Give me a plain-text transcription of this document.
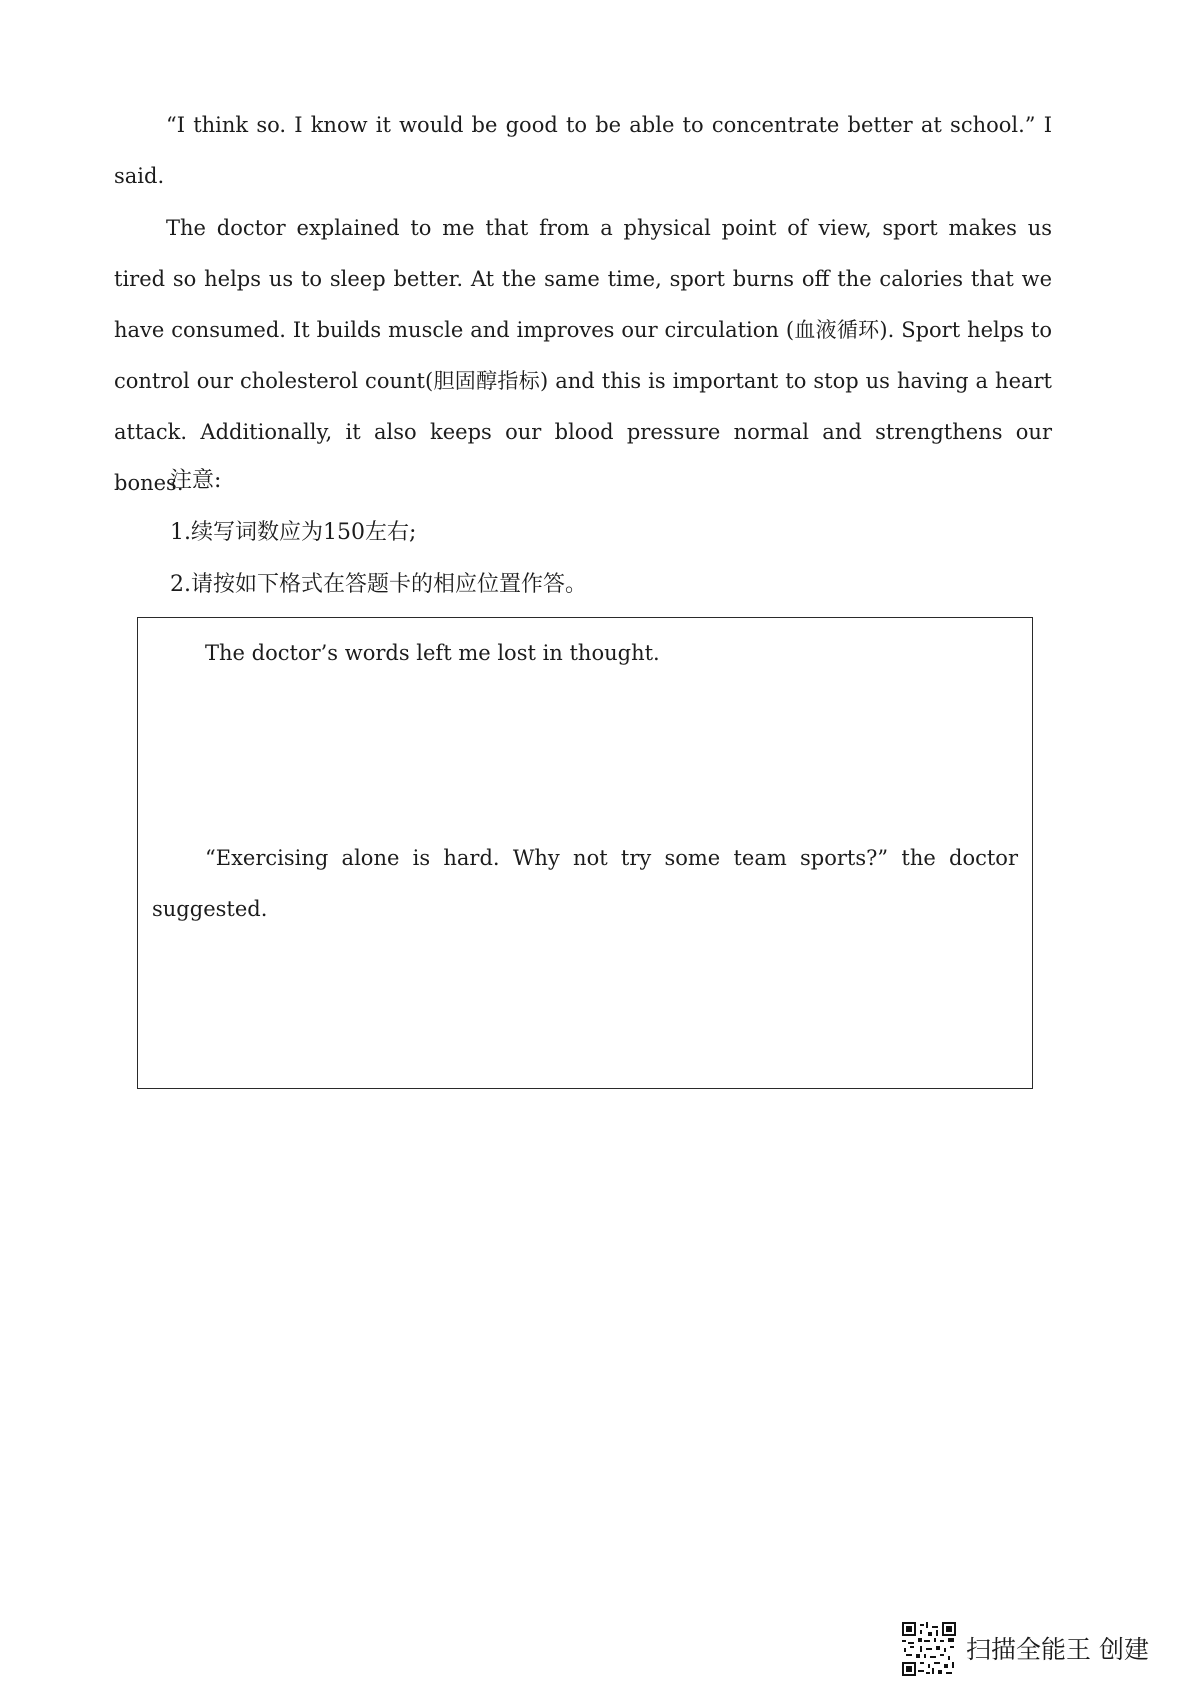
“I think so. I know it would be good to be able to concentrate better at school.” I said.

The doctor explained to me that from a physical point of view, sport makes us tired so helps us to sleep better. At the same time, sport burns off the calories that we have consumed. It builds muscle and improves our circulation (血液循环). Sport helps to control our cholesterol count(胆固醇指标) and this is important to stop us having a heart attack. Additionally, it also keeps our blood pressure normal and strengthens our bones.

注意:

1.续写词数应为150左右;

2.请按如下格式在答题卡的相应位置作答。

The doctor’s words left me lost in thought.

“Exercising alone is hard. Why not try some team sports?” the doctor suggested.

扫描全能王 创建
